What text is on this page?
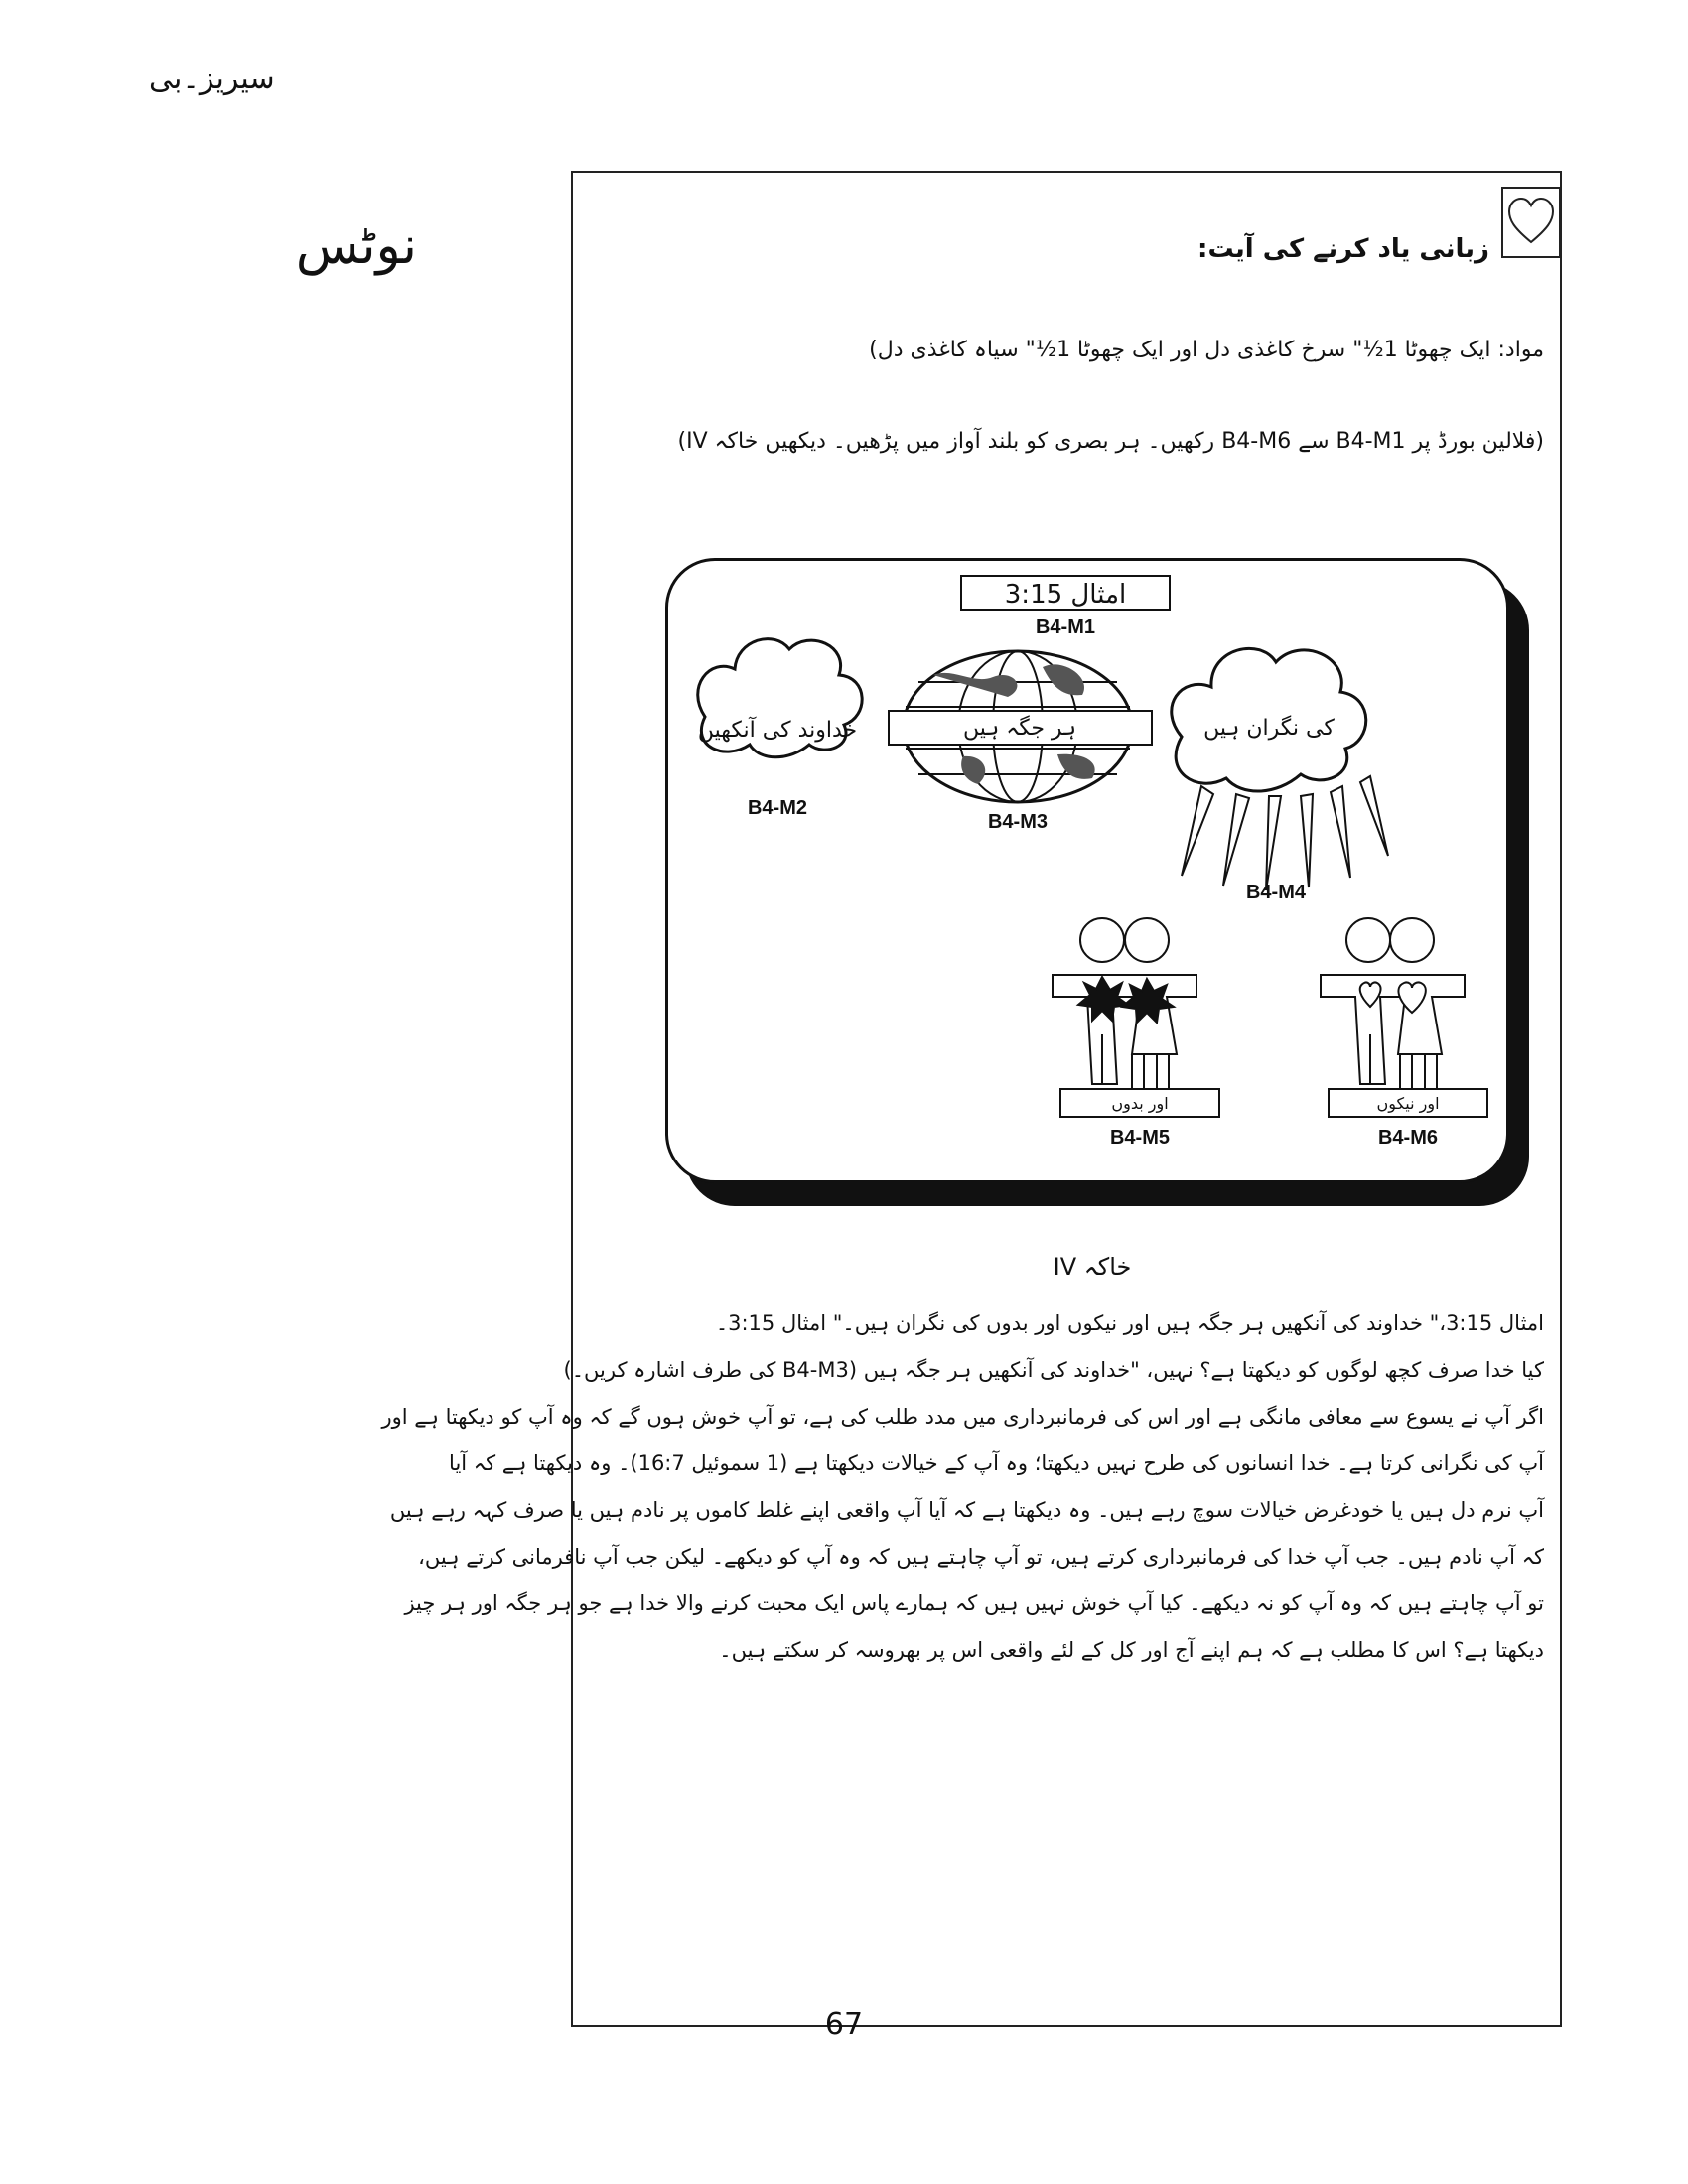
سیریز۔بی
نوٹس	زبانی یاد کرنے کی آیت:
مواد: ایک چھوٹا 1½" سرخ کاغذی دل اور ایک چھوٹا 1½" سیاہ کاغذی دل)
(فلالین بورڈ پر B4-M1 سے B4-M6 رکھیں۔ ہر بصری کو بلند آواز میں پڑھیں۔ دیکھیں خاکہ IV)
امثال 3:15
B4-M1
خداوند کی آنکھیں
B4-M2
ہر جگہ ہیں
B4-M3
کی نگران ہیں
B4-M4
اور بدوں
B4-M5
اور نیکوں
B4-M6
خاکہ IV

امثال 3:15،" خداوند کی آنکھیں ہر جگہ ہیں اور نیکوں اور بدوں کی نگران ہیں۔" امثال 3:15۔

کیا خدا صرف کچھ لوگوں کو دیکھتا ہے؟ نہیں، "خداوند کی آنکھیں ہر جگہ ہیں (B4-M3 کی طرف اشارہ کریں۔)

اگر آپ نے یسوع سے معافی مانگی ہے اور اس کی فرمانبرداری میں مدد طلب کی ہے، تو آپ خوش ہوں گے کہ وہ آپ کو دیکھتا ہے اور

آپ کی نگرانی کرتا ہے۔ خدا انسانوں کی طرح نہیں دیکھتا؛ وہ آپ کے خیالات دیکھتا ہے (1 سموئیل 16:7)۔ وہ دیکھتا ہے کہ آیا

آپ نرم دل ہیں یا خودغرض خیالات سوچ رہے ہیں۔ وہ دیکھتا ہے کہ آیا آپ واقعی اپنے غلط کاموں پر نادم ہیں یا صرف کہہ رہے ہیں

کہ آپ نادم ہیں۔ جب آپ خدا کی فرمانبرداری کرتے ہیں، تو آپ چاہتے ہیں کہ وہ آپ کو دیکھے۔ لیکن جب آپ نافرمانی کرتے ہیں،

تو آپ چاہتے ہیں کہ وہ آپ کو نہ دیکھے۔ کیا آپ خوش نہیں ہیں کہ ہمارے پاس ایک محبت کرنے والا خدا ہے جو ہر جگہ اور ہر چیز

دیکھتا ہے؟ اس کا مطلب ہے کہ ہم اپنے آج اور کل کے لئے واقعی اس پر بھروسہ کر سکتے ہیں۔

67
